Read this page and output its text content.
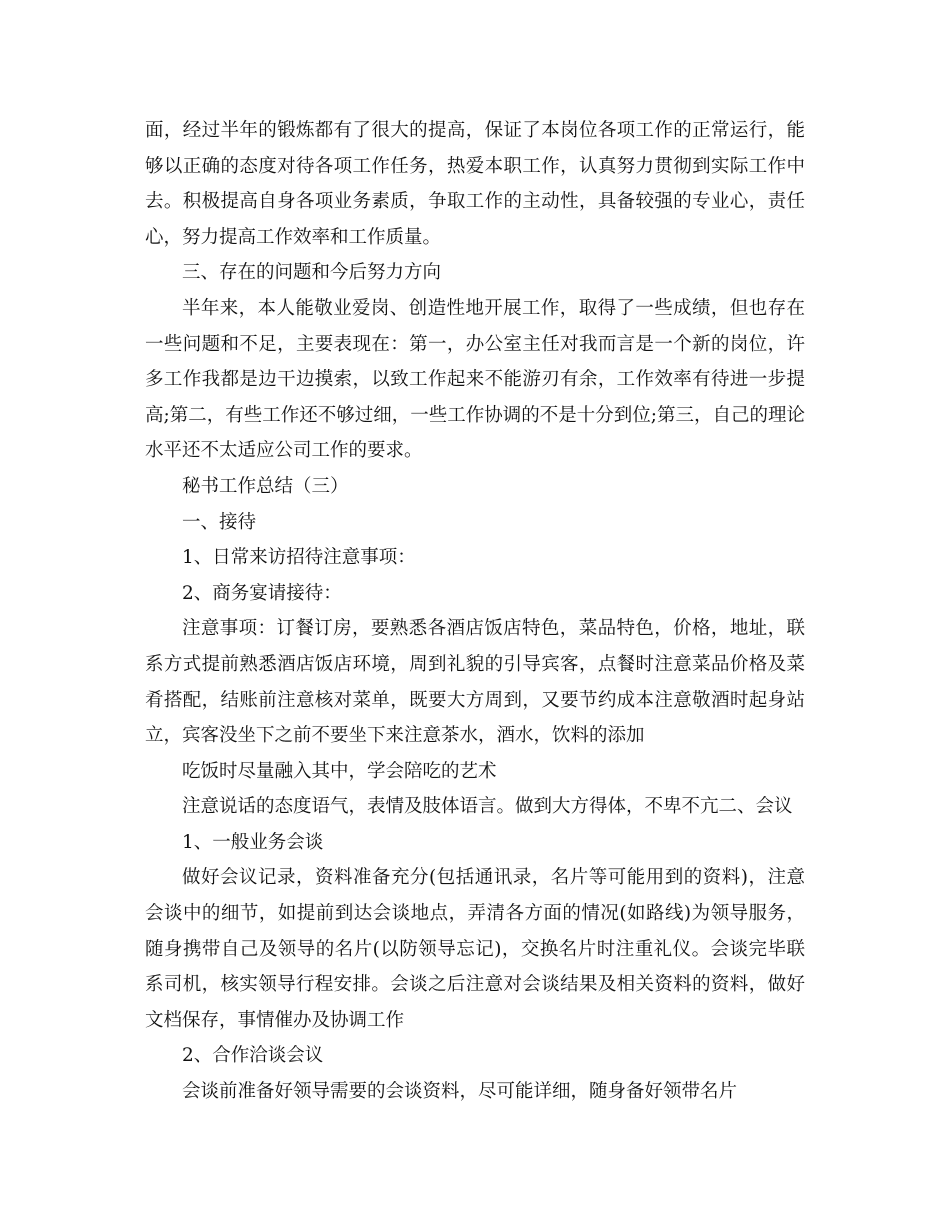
面，经过半年的锻炼都有了很大的提高，保证了本岗位各项工作的正常运行，能够以正确的态度对待各项工作任务，热爱本职工作，认真努力贯彻到实际工作中去。积极提高自身各项业务素质，争取工作的主动性，具备较强的专业心，责任心，努力提高工作效率和工作质量。

三、存在的问题和今后努力方向

半年来，本人能敬业爱岗、创造性地开展工作，取得了一些成绩，但也存在一些问题和不足，主要表现在：第一，办公室主任对我而言是一个新的岗位，许多工作我都是边干边摸索，以致工作起来不能游刃有余，工作效率有待进一步提高;第二，有些工作还不够过细，一些工作协调的不是十分到位;第三，自己的理论水平还不太适应公司工作的要求。

秘书工作总结（三）

一、接待

1、日常来访招待注意事项：

2、商务宴请接待：

注意事项：订餐订房，要熟悉各酒店饭店特色，菜品特色，价格，地址，联系方式提前熟悉酒店饭店环境，周到礼貌的引导宾客，点餐时注意菜品价格及菜肴搭配，结账前注意核对菜单，既要大方周到，又要节约成本注意敬酒时起身站立，宾客没坐下之前不要坐下来注意茶水，酒水，饮料的添加

吃饭时尽量融入其中，学会陪吃的艺术

注意说话的态度语气，表情及肢体语言。做到大方得体，不卑不亢二、会议

1、一般业务会谈

做好会议记录，资料准备充分(包括通讯录，名片等可能用到的资料)，注意会谈中的细节，如提前到达会谈地点，弄清各方面的情况(如路线)为领导服务，随身携带自己及领导的名片(以防领导忘记)，交换名片时注重礼仪。会谈完毕联系司机，核实领导行程安排。会谈之后注意对会谈结果及相关资料的资料，做好文档保存，事情催办及协调工作

2、合作洽谈会议

会谈前准备好领导需要的会谈资料，尽可能详细，随身备好领带名片
